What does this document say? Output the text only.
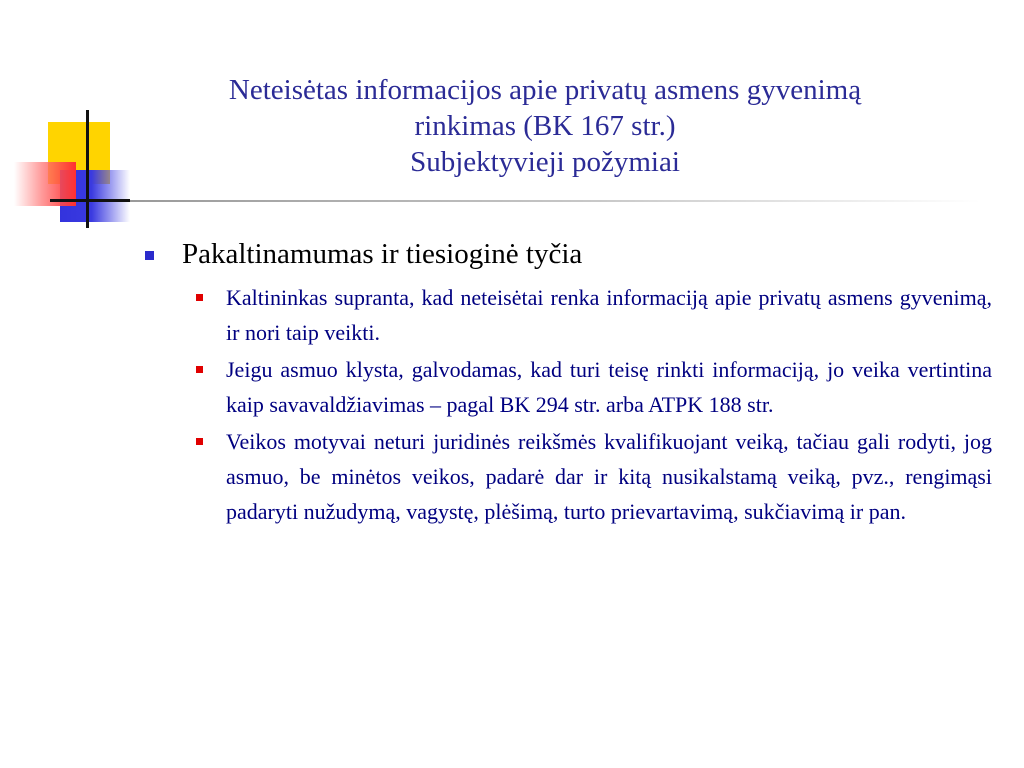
Neteisėtas informacijos apie privatų asmens gyvenimą
rinkimas (BK 167 str.)
Subjektyvieji požymiai
Pakaltinamumas ir tiesioginė tyčia
Kaltininkas supranta, kad neteisėtai renka informaciją apie privatų asmens gyvenimą, ir nori taip veikti.
Jeigu asmuo klysta, galvodamas, kad turi teisę rinkti informaciją, jo veika vertintina kaip savavaldžiavimas – pagal BK 294 str. arba ATPK 188 str.
Veikos motyvai neturi juridinės reikšmės kvalifikuojant veiką, tačiau gali rodyti, jog asmuo, be minėtos veikos, padarė dar ir kitą nusikalstamą veiką, pvz., rengimąsi padaryti nužudymą, vagystę, plėšimą, turto prievartavimą, sukčiavimą ir pan.
